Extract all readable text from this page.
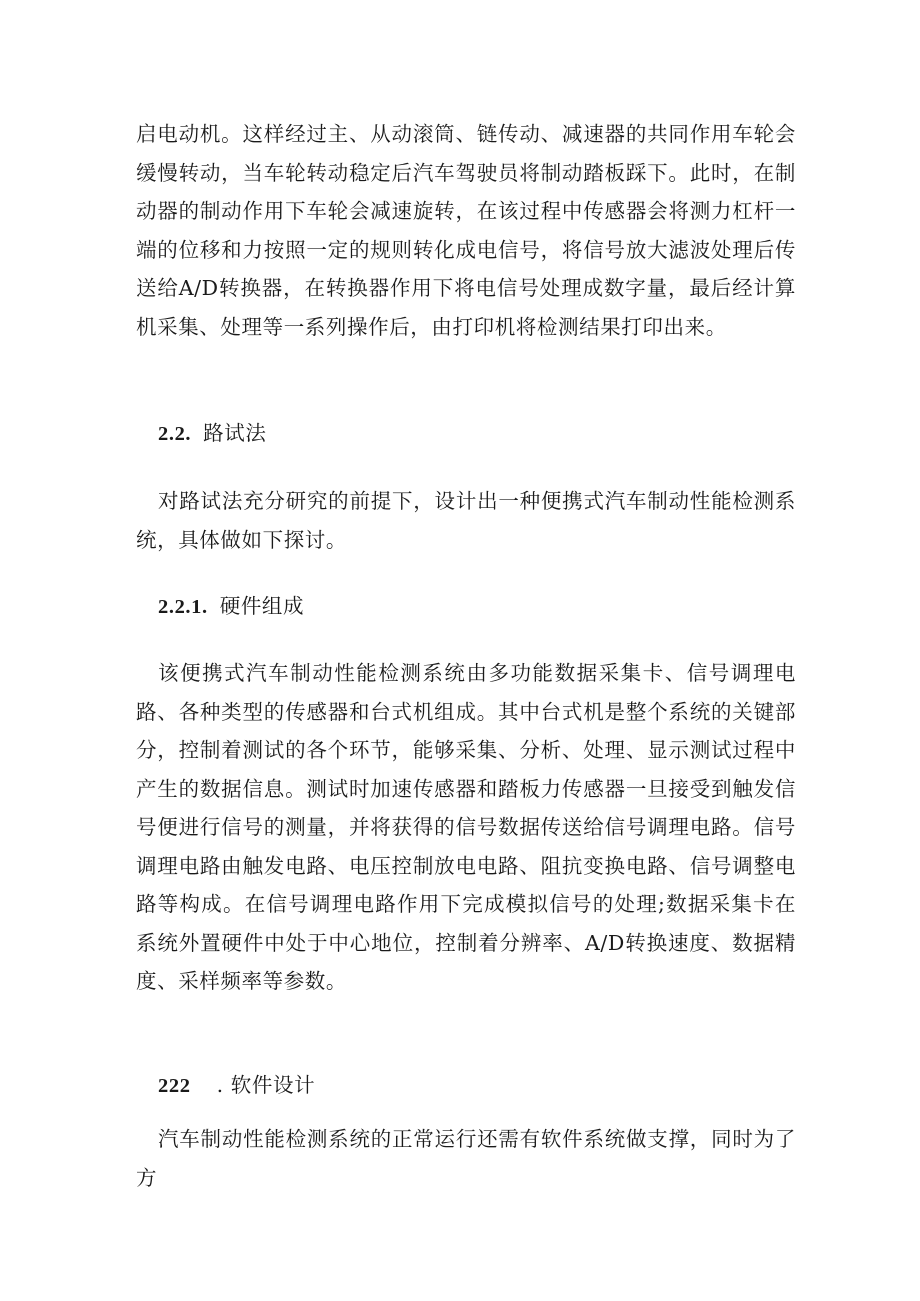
启电动机。这样经过主、从动滚筒、链传动、减速器的共同作用车轮会缓慢转动，当车轮转动稳定后汽车驾驶员将制动踏板踩下。此时，在制动器的制动作用下车轮会减速旋转，在该过程中传感器会将测力杠杆一端的位移和力按照一定的规则转化成电信号，将信号放大滤波处理后传送给A/D转换器，在转换器作用下将电信号处理成数字量，最后经计算机采集、处理等一系列操作后，由打印机将检测结果打印出来。

2.2. 路试法

对路试法充分研究的前提下，设计出一种便携式汽车制动性能检测系统，具体做如下探讨。

2.2.1. 硬件组成

该便携式汽车制动性能检测系统由多功能数据采集卡、信号调理电路、各种类型的传感器和台式机组成。其中台式机是整个系统的关键部分，控制着测试的各个环节，能够采集、分析、处理、显示测试过程中产生的数据信息。测试时加速传感器和踏板力传感器一旦接受到触发信号便进行信号的测量，并将获得的信号数据传送给信号调理电路。信号调理电路由触发电路、电压控制放电电路、阻抗变换电路、信号调整电路等构成。在信号调理电路作用下完成模拟信号的处理;数据采集卡在系统外置硬件中处于中心地位，控制着分辨率、A/D转换速度、数据精度、采样频率等参数。

222 . 软件设计

汽车制动性能检测系统的正常运行还需有软件系统做支撑，同时为了方
